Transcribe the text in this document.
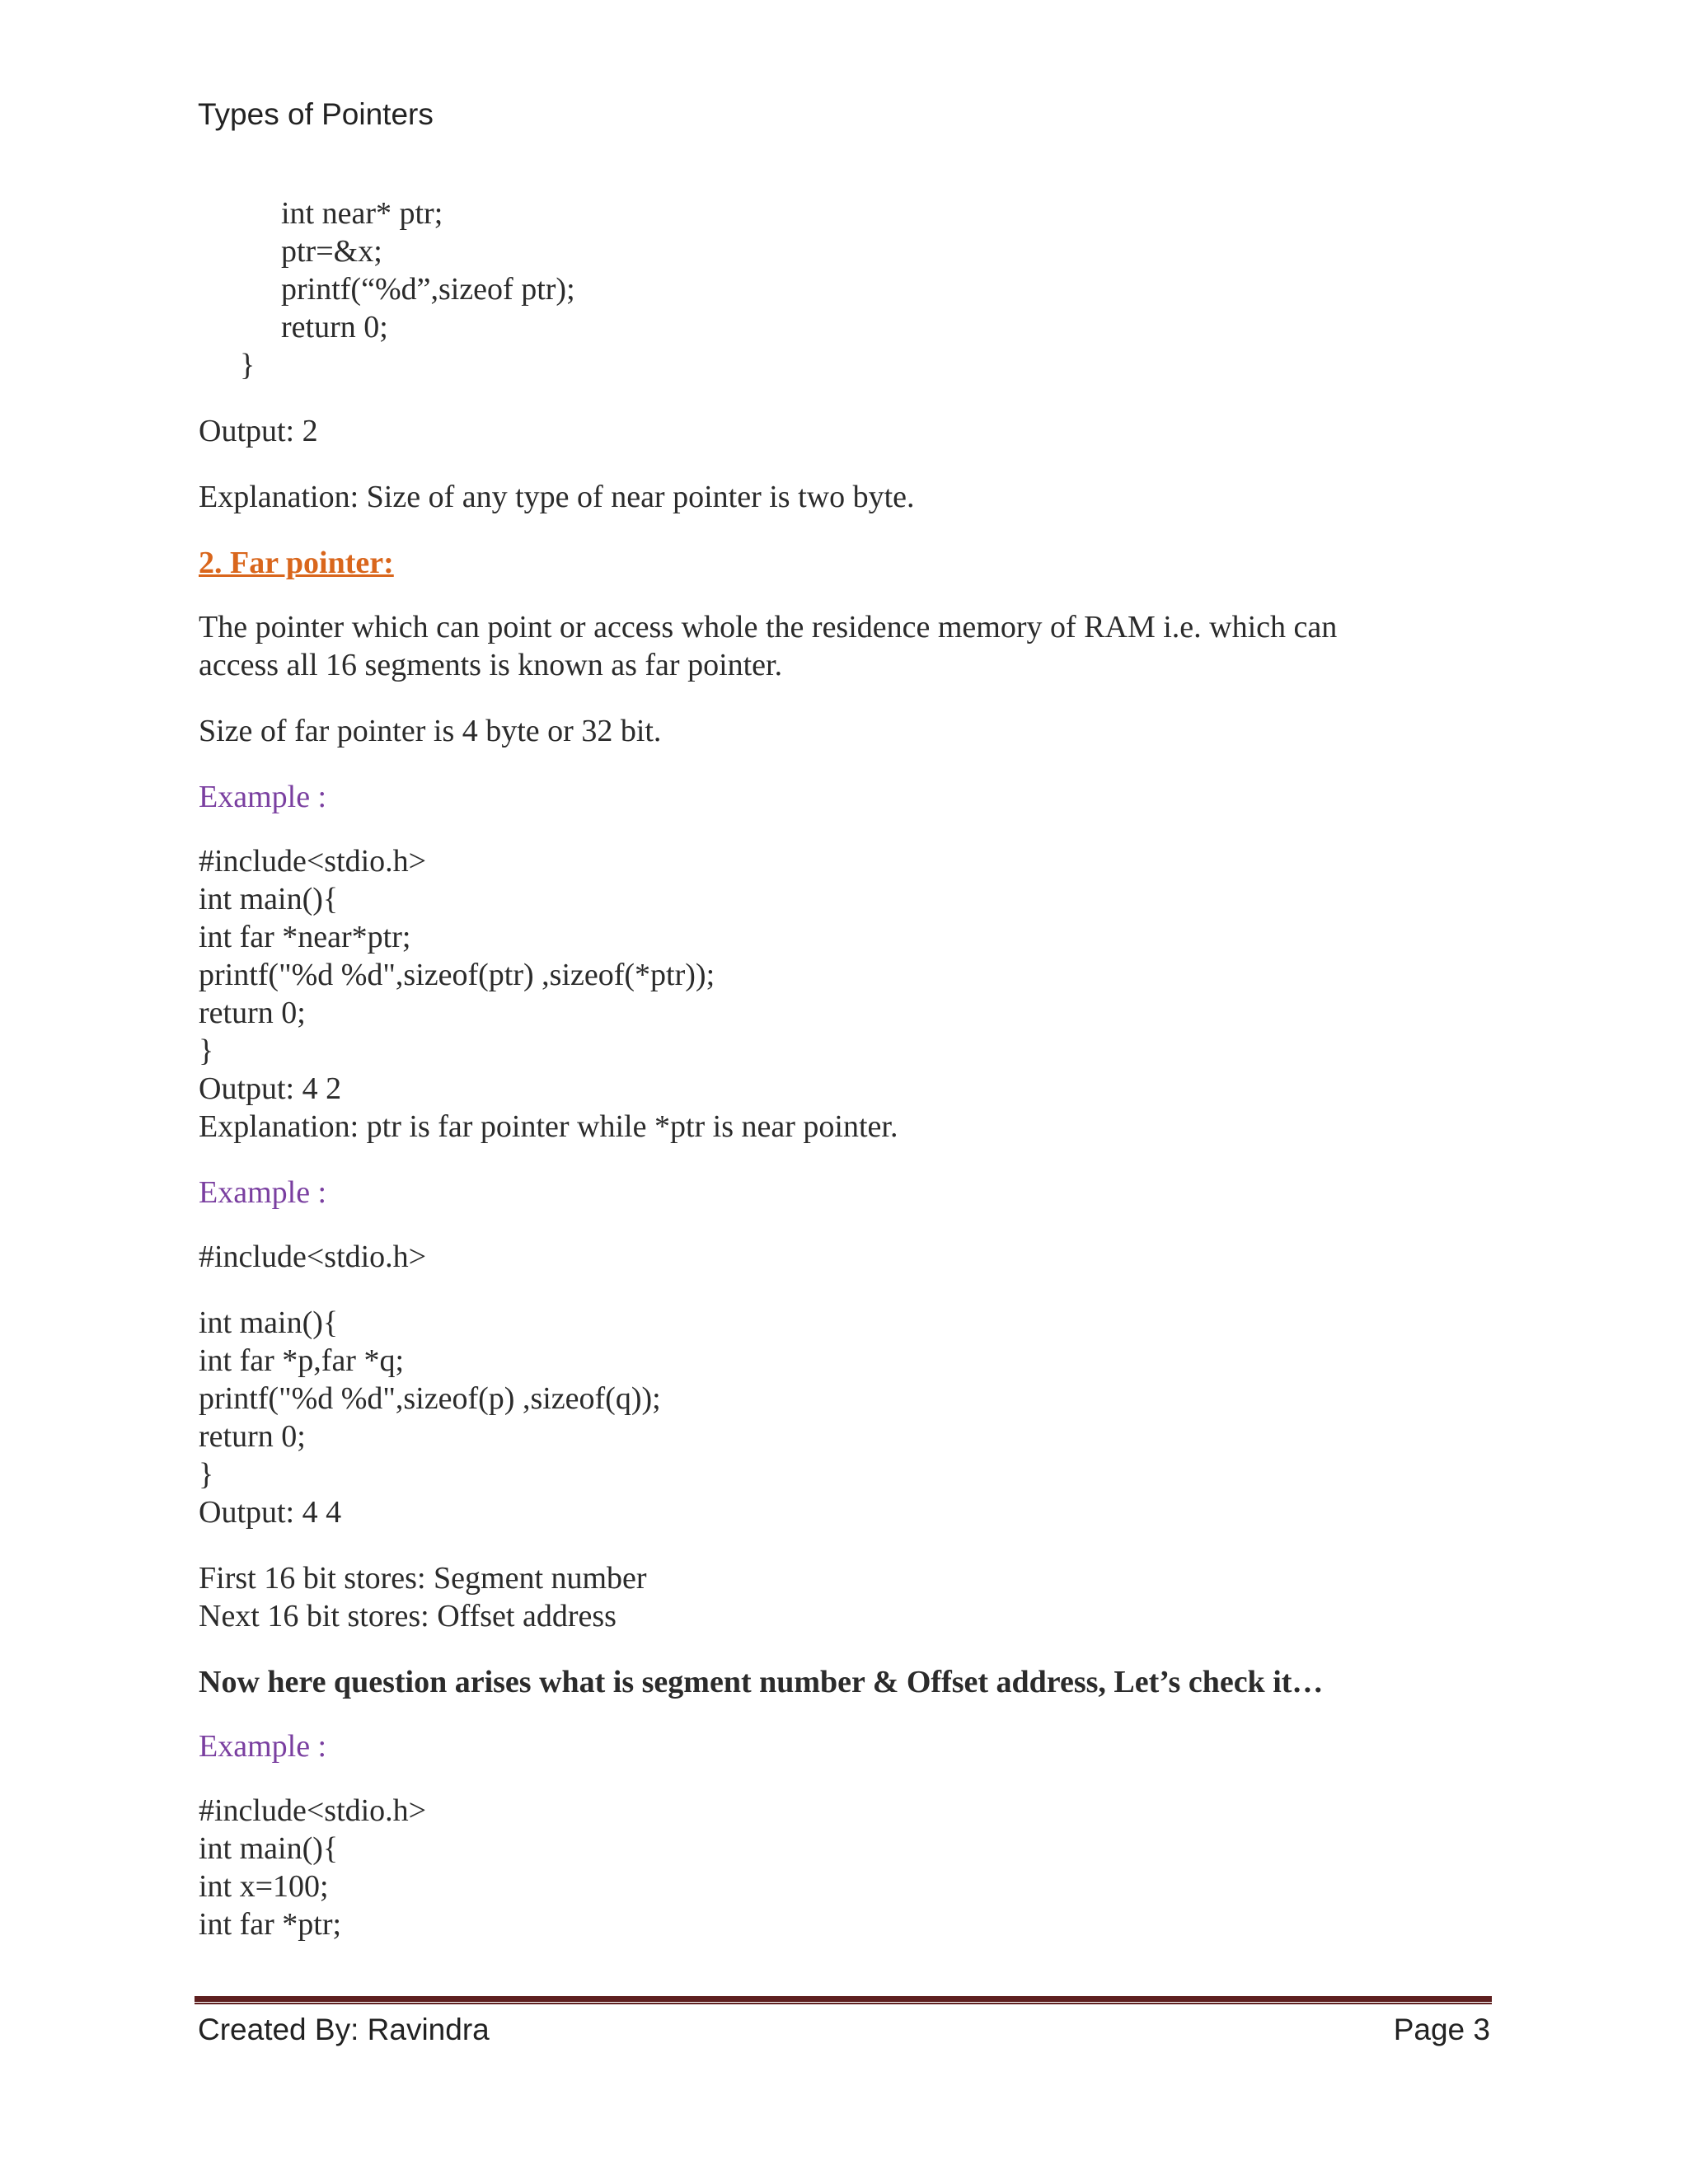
Types of Pointers
int near* ptr;
ptr=&x;
printf(“%d”,sizeof ptr);
return 0;
}

Output: 2

Explanation: Size of any type of near pointer is two byte.

2. Far pointer:

The pointer which can point or access whole the residence memory of RAM i.e. which can
access all 16 segments is known as far pointer.

Size of far pointer is 4 byte or 32 bit.

Example :

#include<stdio.h>
int main(){
int far *near*ptr;
printf("%d %d",sizeof(ptr) ,sizeof(*ptr));
return 0;
}
Output: 4 2
Explanation: ptr is far pointer while *ptr is near pointer.

Example :

#include<stdio.h>

int main(){
int far *p,far *q;
printf("%d %d",sizeof(p) ,sizeof(q));
return 0;
}
Output: 4 4
First 16 bit stores: Segment number
Next 16 bit stores: Offset address

Now here question arises what is segment number & Offset address, Let’s check it…

Example :

#include<stdio.h>
int main(){
int x=100;
int far *ptr;
Created By: Ravindra	Page 3
